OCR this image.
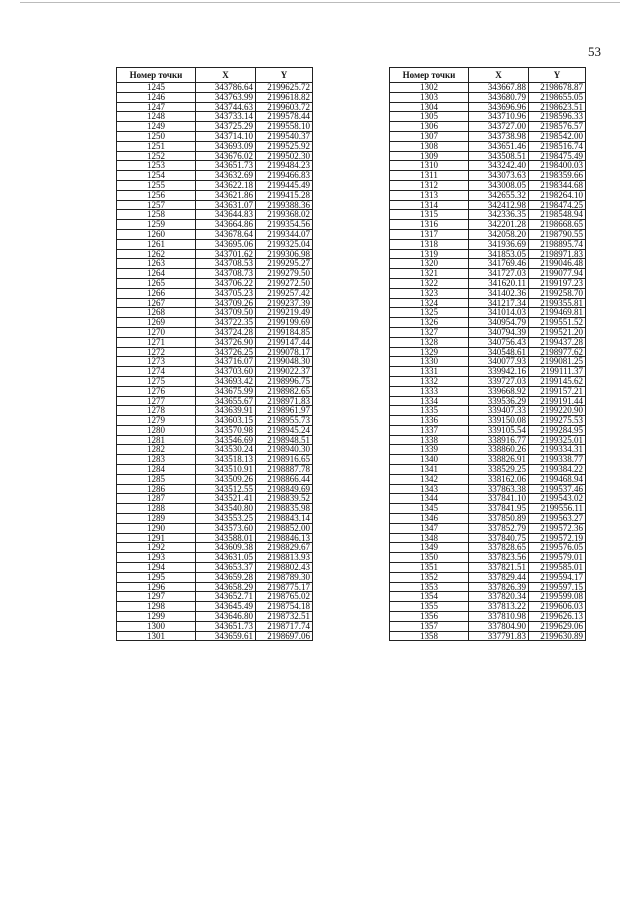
53
Номер точки	X	Y
1245	343786.64	2199625.72
1246	343763.99	2199618.82
1247	343744.63	2199603.72
1248	343733.14	2199578.44
1249	343725.29	2199558.10
1250	343714.10	2199540.37
1251	343693.09	2199525.92
1252	343676.02	2199502.30
1253	343651.73	2199484.23
1254	343632.69	2199466.83
1255	343622.18	2199445.49
1256	343621.86	2199415.28
1257	343631.07	2199388.36
1258	343644.83	2199368.02
1259	343664.86	2199354.56
1260	343678.64	2199344.07
1261	343695.06	2199325.04
1262	343701.62	2199306.98
1263	343708.53	2199295.27
1264	343708.73	2199279.50
1265	343706.22	2199272.50
1266	343705.23	2199257.42
1267	343709.26	2199237.39
1268	343709.50	2199219.49
1269	343722.35	2199199.69
1270	343724.28	2199184.85
1271	343726.90	2199147.44
1272	343726.25	2199078.17
1273	343716.07	2199048.30
1274	343703.60	2199022.37
1275	343693.42	2198996.75
1276	343675.99	2198982.65
1277	343655.67	2198971.83
1278	343639.91	2198961.97
1279	343603.15	2198955.73
1280	343570.98	2198945.24
1281	343546.69	2198948.51
1282	343530.24	2198940.30
1283	343518.13	2198916.65
1284	343510.91	2198887.78
1285	343509.26	2198866.44
1286	343512.55	2198849.69
1287	343521.41	2198839.52
1288	343540.80	2198835.98
1289	343553.25	2198843.14
1290	343573.60	2198852.00
1291	343588.01	2198846.13
1292	343609.38	2198829.67
1293	343631.05	2198813.93
1294	343653.37	2198802.43
1295	343659.28	2198789.30
1296	343658.29	2198775.17
1297	343652.71	2198765.02
1298	343645.49	2198754.18
1299	343646.80	2198732.51
1300	343651.73	2198717.74
1301	343659.61	2198697.06
Номер точки	X	Y
1302	343667.88	2198678.87
1303	343680.79	2198655.05
1304	343696.96	2198623.51
1305	343710.96	2198596.33
1306	343727.00	2198576.57
1307	343738.98	2198542.00
1308	343651.46	2198516.74
1309	343508.51	2198475.49
1310	343242.40	2198400.03
1311	343073.63	2198359.66
1312	343008.05	2198344.68
1313	342655.32	2198264.10
1314	342412.98	2198474.25
1315	342336.35	2198548.94
1316	342201.28	2198668.65
1317	342058.20	2198790.55
1318	341936.69	2198895.74
1319	341853.05	2198971.83
1320	341769.46	2199046.48
1321	341727.03	2199077.94
1322	341620.11	2199197.23
1323	341402.36	2199258.70
1324	341217.34	2199355.81
1325	341014.03	2199469.81
1326	340954.79	2199551.52
1327	340794.39	2199521.20
1328	340756.43	2199437.28
1329	340548.61	2198977.62
1330	340077.93	2199081.25
1331	339942.16	2199111.37
1332	339727.03	2199145.62
1333	339668.92	2199157.21
1334	339536.29	2199191.44
1335	339407.33	2199220.90
1336	339150.08	2199275.53
1337	339105.54	2199284.95
1338	338916.77	2199325.01
1339	338860.26	2199334.31
1340	338826.91	2199338.77
1341	338529.25	2199384.22
1342	338162.06	2199468.94
1343	337863.38	2199537.46
1344	337841.10	2199543.02
1345	337841.95	2199556.11
1346	337850.89	2199563.27
1347	337852.79	2199572.36
1348	337840.75	2199572.19
1349	337828.65	2199576.05
1350	337823.56	2199579.01
1351	337821.51	2199585.01
1352	337829.44	2199594.17
1353	337826.39	2199597.15
1354	337820.34	2199599.08
1355	337813.22	2199606.03
1356	337810.98	2199626.13
1357	337804.90	2199629.06
1358	337791.83	2199630.89
